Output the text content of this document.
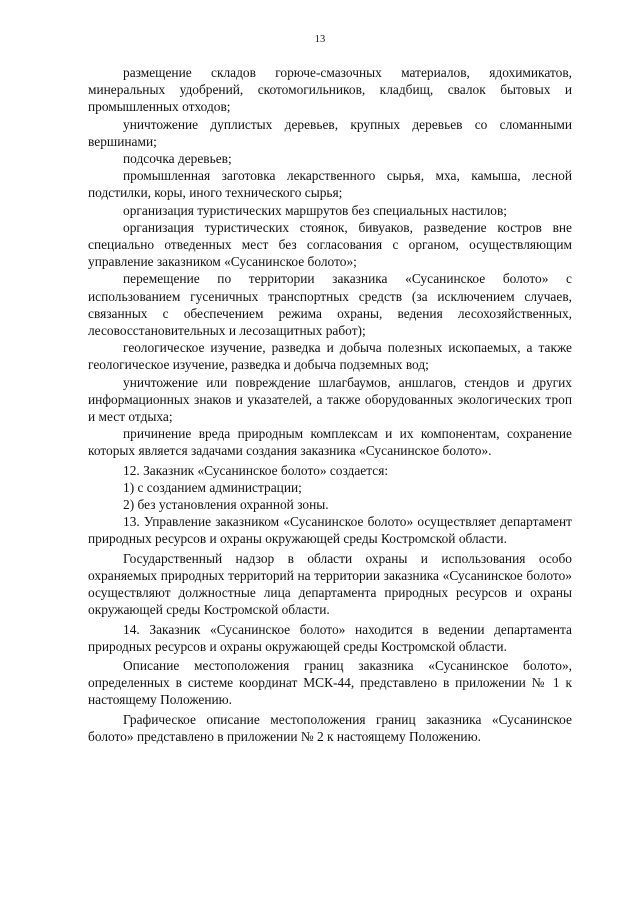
13

размещение складов горюче-смазочных материалов, ядохимикатов, минеральных удобрений, скотомогильников, кладбищ, свалок бытовых и промышленных отходов;

уничтожение дуплистых деревьев, крупных деревьев со сломанными вершинами;

подсочка деревьев;

промышленная заготовка лекарственного сырья, мха, камыша, лесной подстилки, коры, иного технического сырья;

организация туристических маршрутов без специальных настилов;

организация туристических стоянок, бивуаков, разведение костров вне специально отведенных мест без согласования с органом, осуществляющим управление заказником «Сусанинское болото»;

перемещение по территории заказника «Сусанинское болото» с использованием гусеничных транспортных средств (за исключением случаев, связанных с обеспечением режима охраны, ведения лесохозяйственных, лесовосстановительных и лесозащитных работ);

геологическое изучение, разведка и добыча полезных ископаемых, а также геологическое изучение, разведка и добыча подземных вод;

уничтожение или повреждение шлагбаумов, аншлагов, стендов и других информационных знаков и указателей, а также оборудованных экологических троп и мест отдыха;

причинение вреда природным комплексам и их компонентам, сохранение которых является задачами создания заказника «Сусанинское болото».

12. Заказник «Сусанинское болото» создается:

1) с созданием администрации;

2) без установления охранной зоны.

13. Управление заказником «Сусанинское болото» осуществляет департамент природных ресурсов и охраны окружающей среды Костромской области.

Государственный надзор в области охраны и использования особо охраняемых природных территорий на территории заказника «Сусанинское болото» осуществляют должностные лица департамента природных ресурсов и охраны окружающей среды Костромской области.

14. Заказник «Сусанинское болото» находится в ведении департамента природных ресурсов и охраны окружающей среды Костромской области.

Описание местоположения границ заказника «Сусанинское болото», определенных в системе координат МСК-44, представлено в приложении № 1 к настоящему Положению.

Графическое описание местоположения границ заказника «Сусанинское болото» представлено в приложении № 2 к настоящему Положению.
